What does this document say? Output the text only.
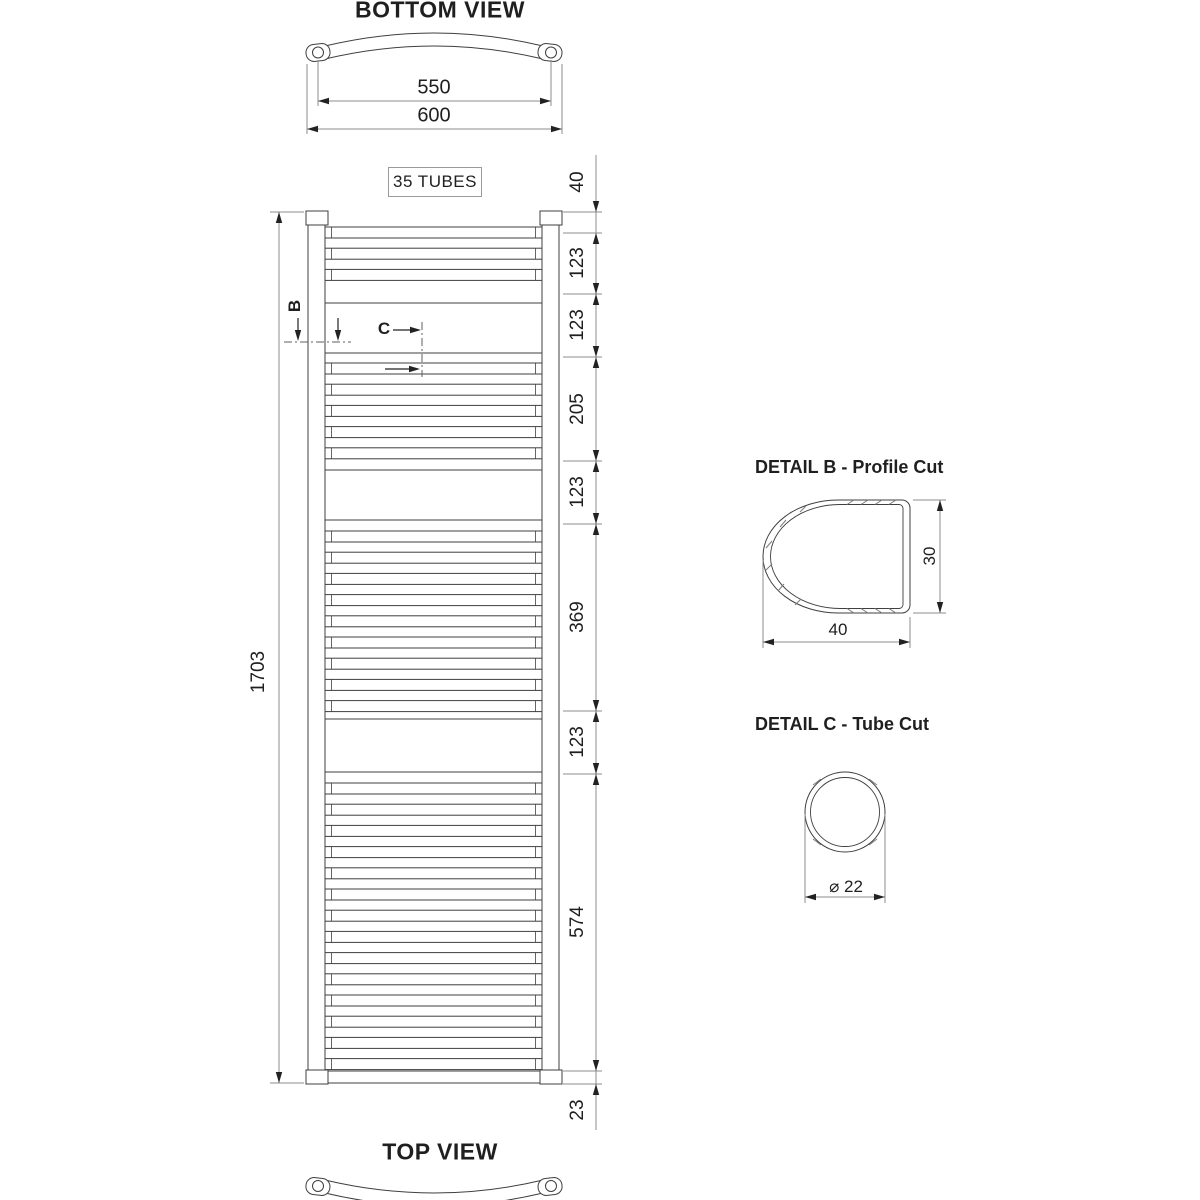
BOTTOM VIEW
TOP VIEW
DETAIL B - Profile Cut
DETAIL C - Tube Cut
35 TUBES
B
C
1703
40
123
123
205
123
369
123
574
23
550
600
30
40
⌀ 22
